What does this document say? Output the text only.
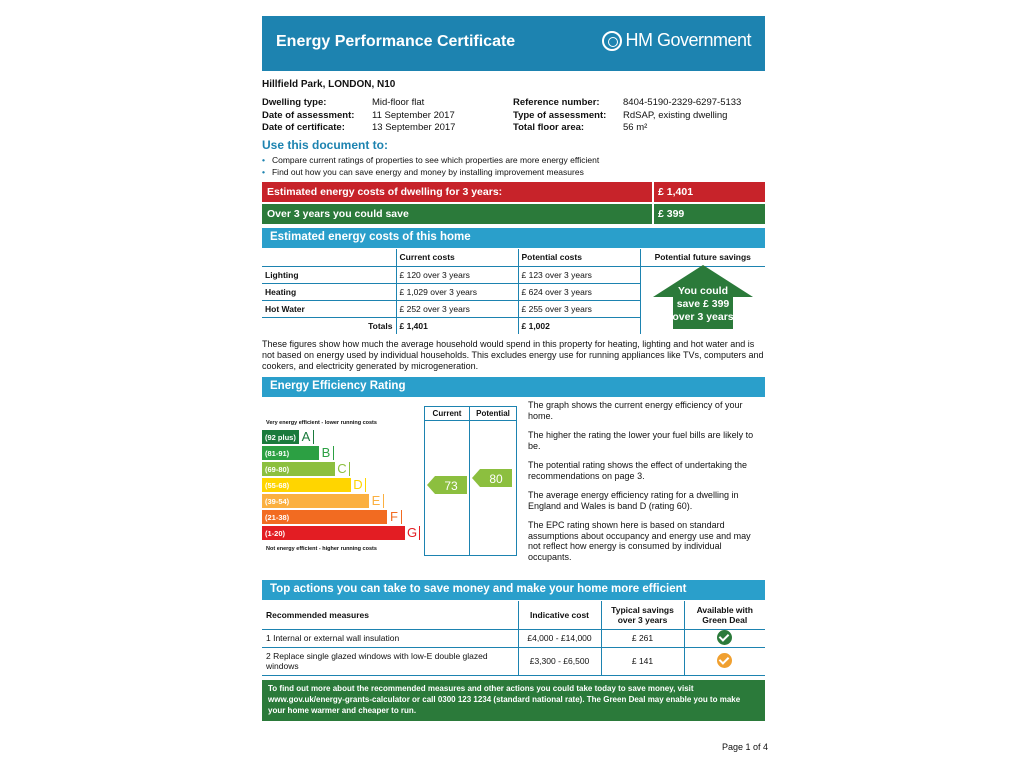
Energy Performance Certificate	HM Government
Hillfield Park, LONDON, N10
Dwelling type:	Mid-floor flat
Date of assessment: 11 September 2017
Date of certificate:	13 September 2017
Reference number: 8404-5190-2329-6297-5133
Type of assessment: RdSAP, existing dwelling
Total floor area:	56 m²
Use this document to:
• Compare current ratings of properties to see which properties are more energy efficient
• Find out how you can save energy and money by installing improvement measures
Estimated energy costs of dwelling for 3 years:	£ 1,401
Over 3 years you could save	£ 399
Estimated energy costs of this home
	Current costs	Potential costs	Potential future savings
Lighting	£ 120 over 3 years	£ 123 over 3 years	You could
save £ 399
over 3 years

Heating	£ 1,029 over 3 years	£ 624 over 3 years	
Hot Water	£ 252 over 3 years	£ 255 over 3 years	
Totals	£ 1,401	£ 1,002	
These figures show how much the average household would spend in this property for heating, lighting and hot water and is not based on energy used by individual households. This excludes energy use for running appliances like TVs, computers and cookers, and electricity generated by microgeneration.
Energy Efficiency Rating
Very energy efficient - lower running costs
Current	Potential
(92 plus) A
(81-91) B
(69-80)	C
(55-68)	D
(39-54)	E
(21-38)	F
(1-20)	G
Not energy efficient - higher running costs
73	80

The graph shows the current energy efficiency of your home.

The higher the rating the lower your fuel bills are likely to be.

The potential rating shows the effect of undertaking the recommendations on page 3.

The average energy efficiency rating for a dwelling in England and Wales is band D (rating 60).

The EPC rating shown here is based on standard assumptions about occupancy and energy use and may not reflect how energy is consumed by individual occupants.

Top actions you can take to save money and make your home more efficient
Recommended measures	Indicative cost	Typical savings over 3 years	Available with Green Deal
1 Internal or external wall insulation	£4,000 - £14,000	£ 261	
2 Replace single glazed windows with low-E double glazed windows	£3,300 - £6,500	£ 141	
To find out more about the recommended measures and other actions you could take today to save money, visit www.gov.uk/energy-grants-calculator or call 0300 123 1234 (standard national rate). The Green Deal may enable you to make your home warmer and cheaper to run.
Page 1 of 4
